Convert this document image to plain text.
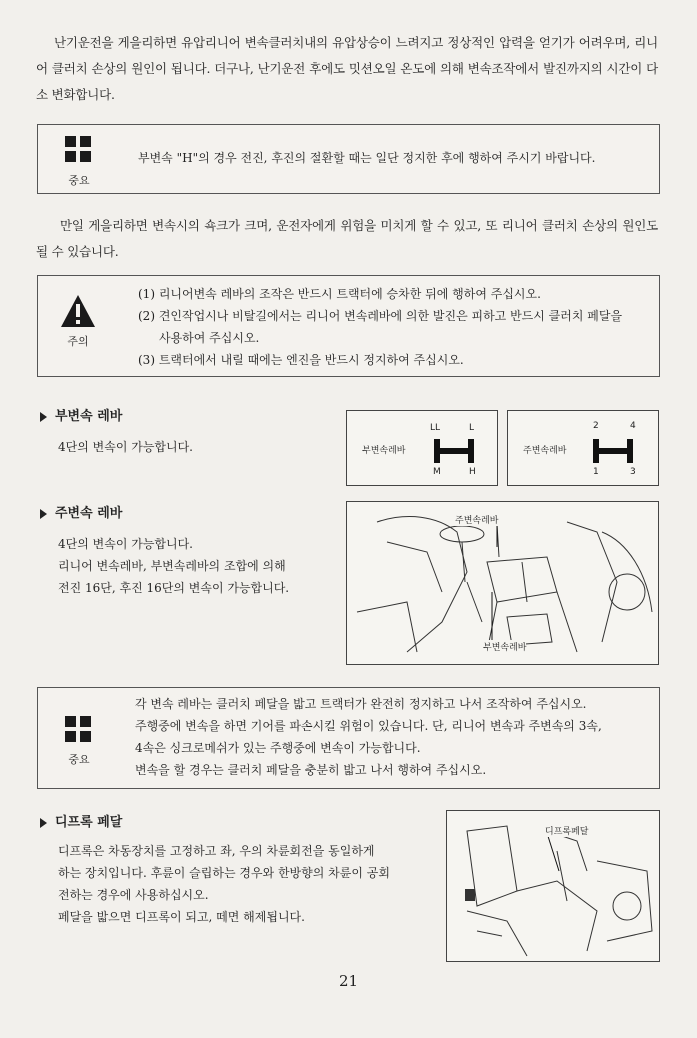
난기운전을 게을리하면 유압리니어 변속클러치내의 유압상승이 느려지고 정상적인 압력을 얻기가 어려우며, 리니어 클러치 손상의 원인이 됩니다. 더구나, 난기운전 후에도 밋션오일 온도에 의해 변속조작에서 발진까지의 시간이 다소 변화합니다.
중요
부변속 "H"의 경우 전진, 후진의 절환할 때는 일단 정지한 후에 행하여 주시기 바랍니다.
만일 게을리하면 변속시의 쇽크가 크며, 운전자에게 위험을 미치게 할 수 있고, 또 리니어 클러치 손상의 원인도 될 수 있습니다.
주의
(1) 리니어변속 레바의 조작은 반드시 트랙터에 승차한 뒤에 행하여 주십시오.
(2) 견인작업시나 비탈길에서는 리니어 변속레바에 의한 발진은 피하고 반드시 클러치 페달을
사용하여 주십시오.
(3) 트랙터에서 내릴 때에는 엔진을 반드시 정지하여 주십시오.
부변속 레바
4단의 변속이 가능합니다.	부변속레바
LL	L
M	H
주변속레바
2	4
1	3
주변속 레바
4단의 변속이 가능합니다.
리니어 변속레바, 부변속레바의 조합에 의해
전진 16단, 후진 16단의 변속이 가능합니다.
주변속레바
부변속레바
중요
각 변속 레바는 클러치 페달을 밟고 트랙터가 완전히 정지하고 나서 조작하여 주십시오.
주행중에 변속을 하면 기어를 파손시킬 위험이 있습니다. 단, 리니어 변속과 주변속의 3속,
4속은 싱크로메쉬가 있는 주행중에 변속이 가능합니다.
변속을 할 경우는 클러치 페달을 충분히 밟고 나서 행하여 주십시오.
디프록 페달
디프록은 차동장치를 고정하고 좌, 우의 차륜회전을 동일하게
하는 장치입니다. 후륜이 슬립하는 경우와 한방향의 차륜이 공회
전하는 경우에 사용하십시오.
페달을 밟으면 디프록이 되고, 떼면 해제됩니다.
디프록페달
21
